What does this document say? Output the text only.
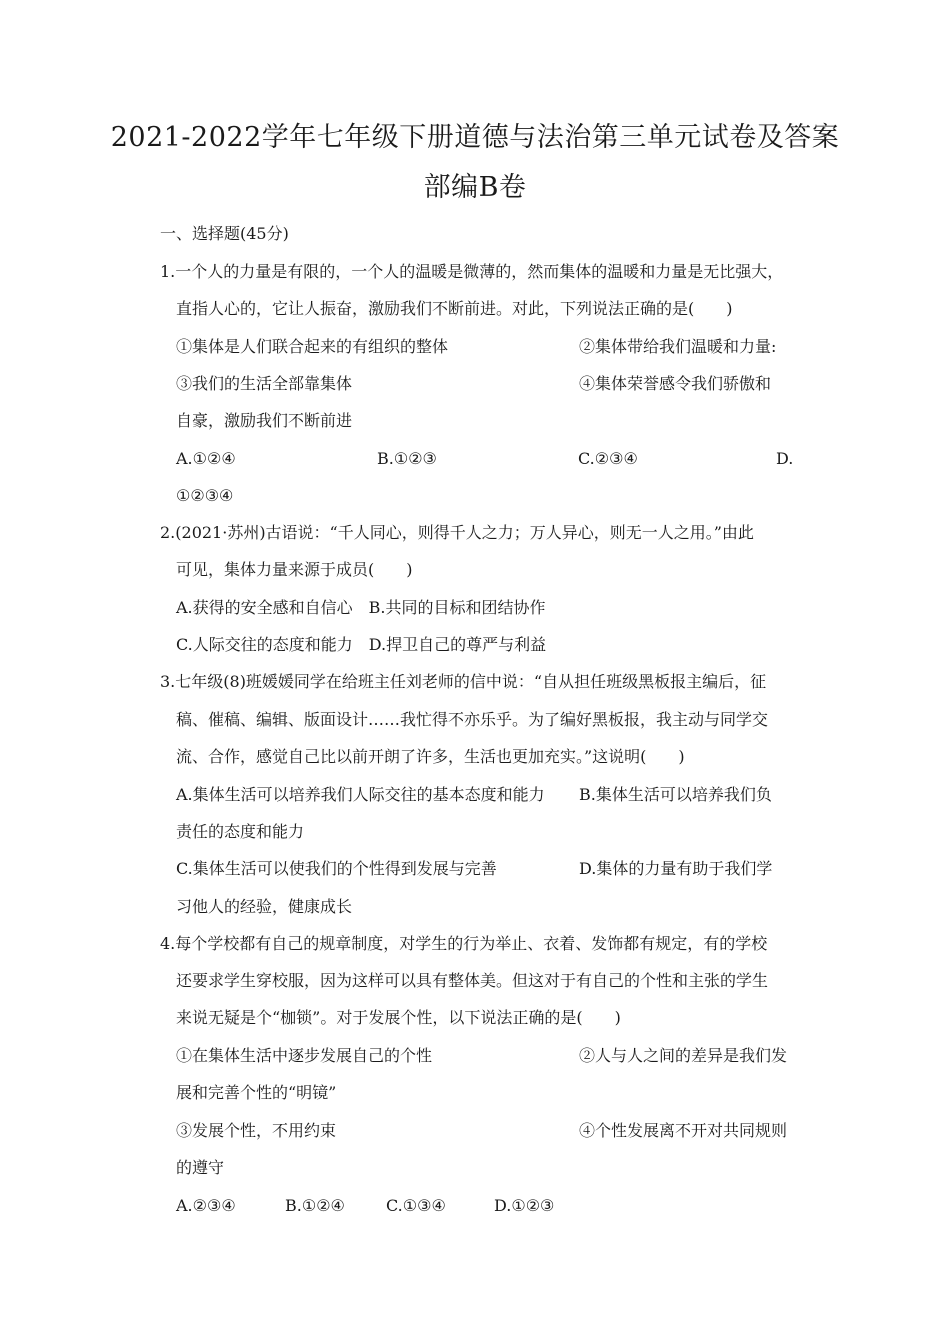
2021-2022学年七年级下册道德与法治第三单元试卷及答案
部编B卷
一、选择题(45分)
1.一个人的力量是有限的，一个人的温暖是微薄的，然而集体的温暖和力量是无比强大，
直指人心的，它让人振奋，激励我们不断前进。对此，下列说法正确的是(　　)
①集体是人们联合起来的有组织的整体	②集体带给我们温暖和力量:
③我们的生活全部靠集体	④集体荣誉感令我们骄傲和
自豪，激励我们不断前进
A.①②④	B.①②③	C.②③④	D.
①②③④
2.(2021·苏州)古语说：“千人同心，则得千人之力；万人异心，则无一人之用。”由此
可见，集体力量来源于成员(　　)
A.获得的安全感和自信心　B.共同的目标和团结协作
C.人际交往的态度和能力　D.捍卫自己的尊严与利益
3.七年级(8)班媛媛同学在给班主任刘老师的信中说：“自从担任班级黑板报主编后，征
稿、催稿、编辑、版面设计……我忙得不亦乐乎。为了编好黑板报，我主动与同学交
流、合作，感觉自己比以前开朗了许多，生活也更加充实。”这说明(　　)
A.集体生活可以培养我们人际交往的基本态度和能力 B.集体生活可以培养我们负
责任的态度和能力
C.集体生活可以使我们的个性得到发展与完善	D.集体的力量有助于我们学
习他人的经验，健康成长
4.每个学校都有自己的规章制度，对学生的行为举止、衣着、发饰都有规定，有的学校
还要求学生穿校服，因为这样可以具有整体美。但这对于有自己的个性和主张的学生
来说无疑是个“枷锁”。对于发展个性，以下说法正确的是(　　)
①在集体生活中逐步发展自己的个性	②人与人之间的差异是我们发
展和完善个性的“明镜”
③发展个性，不用约束	④个性发展离不开对共同规则
的遵守
A.②③④	B.①②④	C.①③④	D.①②③
